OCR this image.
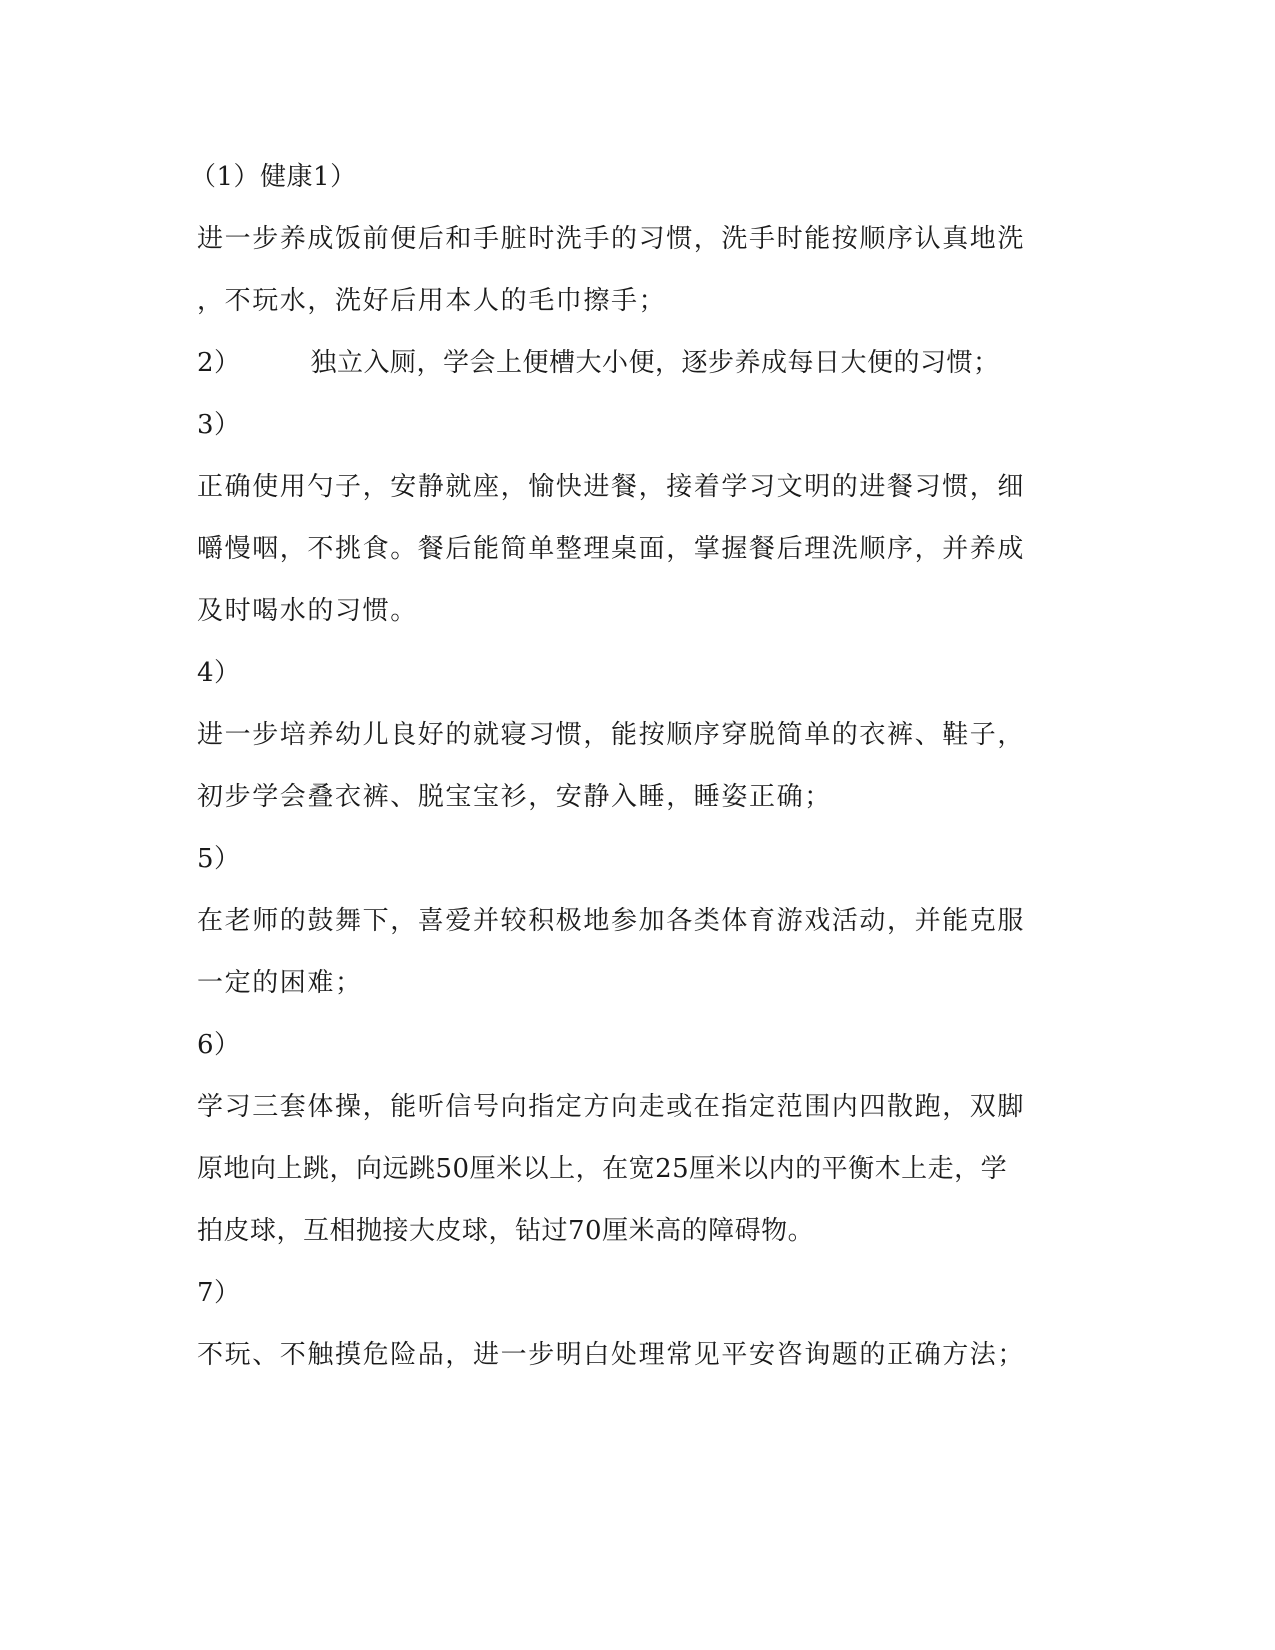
（1）健康1）
进一步养成饭前便后和手脏时洗手的习惯，洗手时能按顺序认真地洗
，不玩水，洗好后用本人的毛巾擦手；
2）	独立入厕，学会上便槽大小便，逐步养成每日大便的习惯；
3）
正确使用勺子，安静就座，愉快进餐，接着学习文明的进餐习惯，细
嚼慢咽，不挑食。餐后能简单整理桌面，掌握餐后理洗顺序，并养成
及时喝水的习惯。
4）
进一步培养幼儿良好的就寝习惯，能按顺序穿脱简单的衣裤、鞋子，
初步学会叠衣裤、脱宝宝衫，安静入睡，睡姿正确；
5）
在老师的鼓舞下，喜爱并较积极地参加各类体育游戏活动，并能克服
一定的困难；
6）
学习三套体操，能听信号向指定方向走或在指定范围内四散跑，双脚
原地向上跳，向远跳50厘米以上，在宽25厘米以内的平衡木上走，学
拍皮球，互相抛接大皮球，钻过70厘米高的障碍物。
7）
不玩、不触摸危险品，进一步明白处理常见平安咨询题的正确方法；
